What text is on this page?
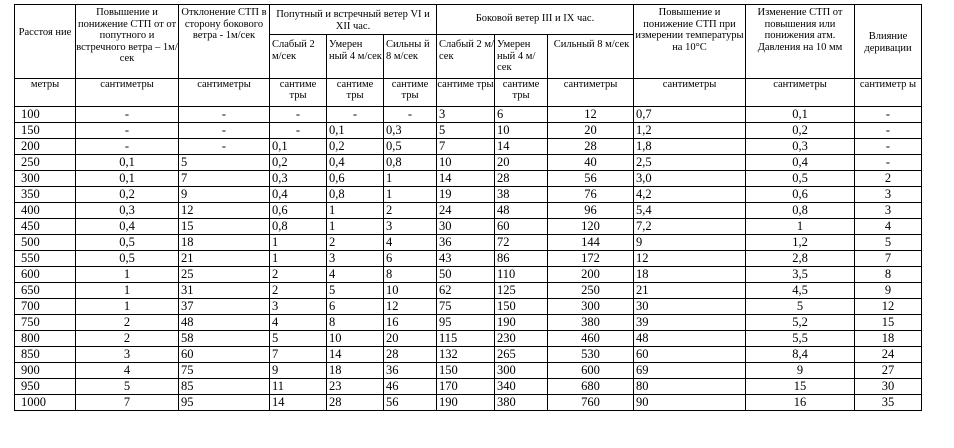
Расстоя ние	Повышение и понижение СТП от от попутного и встречного ветра – 1м/сек	Отклонение СТП в сторону бокового ветра - 1м/сек	Попутный и встречный ветер VI и XII час.			Боковой ветер III и IX час.			Повышение и понижение СТП при измерении температуры на 10°С	Изменение СТП от повышения или понижения атм. Давления на 10 мм	Влияние деривации
			Слабый 2 м/сек	Умерен ный 4 м/сек	Сильны й 8 м/сек	Слабый 2 м/сек	Умерен ный 4 м/сек	Сильный 8 м/сек			
метры	сантиметры	сантиметры	сантиме тры	сантиме тры	сантиме тры	сантиме тры	сантиме тры	сантиметры	сантиметры	сантиметры	сантиметр ы
100	-	-	-	-	-	3	6	12	0,7	0,1	-
150	-	-	-	0,1	0,3	5	10	20	1,2	0,2	-
200	-	-	0,1	0,2	0,5	7	14	28	1,8	0,3	-
250	0,1	5	0,2	0,4	0,8	10	20	40	2,5	0,4	-
300	0,1	7	0,3	0,6	1	14	28	56	3,0	0,5	2
350	0,2	9	0,4	0,8	1	19	38	76	4,2	0,6	3
400	0,3	12	0,6	1	2	24	48	96	5,4	0,8	3
450	0,4	15	0,8	1	3	30	60	120	7,2	1	4
500	0,5	18	1	2	4	36	72	144	9	1,2	5
550	0,5	21	1	3	6	43	86	172	12	2,8	7
600	1	25	2	4	8	50	110	200	18	3,5	8
650	1	31	2	5	10	62	125	250	21	4,5	9
700	1	37	3	6	12	75	150	300	30	5	12
750	2	48	4	8	16	95	190	380	39	5,2	15
800	2	58	5	10	20	115	230	460	48	5,5	18
850	3	60	7	14	28	132	265	530	60	8,4	24
900	4	75	9	18	36	150	300	600	69	9	27
950	5	85	11	23	46	170	340	680	80	15	30
1000	7	95	14	28	56	190	380	760	90	16	35
